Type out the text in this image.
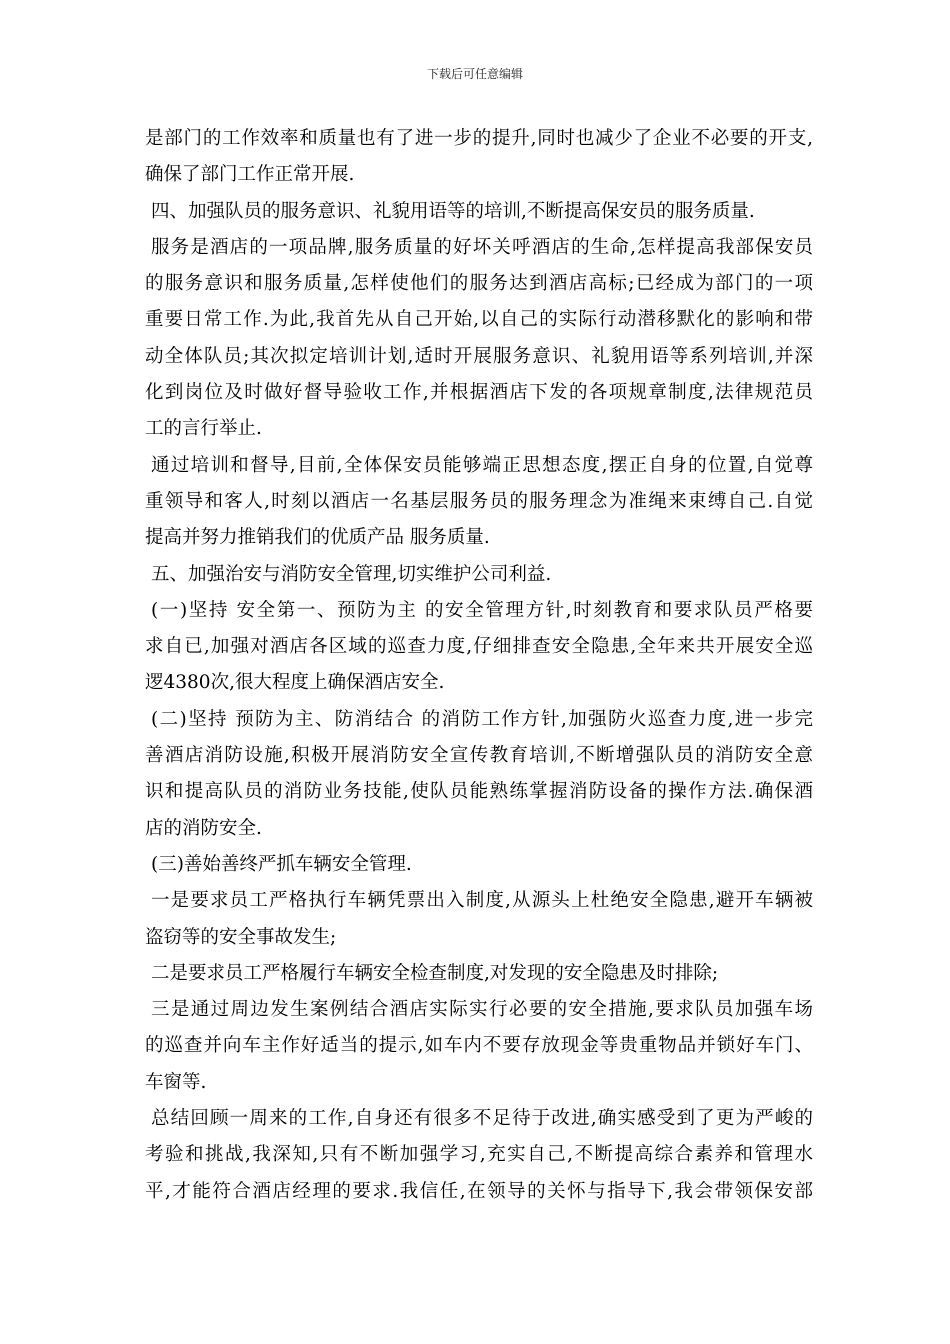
下载后可任意编辑
是部门的工作效率和质量也有了进一步的提升,同时也减少了企业不必要的开支,
确保了部门工作正常开展.
四、加强队员的服务意识、礼貌用语等的培训,不断提高保安员的服务质量.
服务是酒店的一项品牌,服务质量的好坏关呼酒店的生命,怎样提高我部保安员
的服务意识和服务质量,怎样使他们的服务达到酒店高标;已经成为部门的一项
重要日常工作.为此,我首先从自己开始,以自己的实际行动潜移默化的影响和带
动全体队员;其次拟定培训计划,适时开展服务意识、礼貌用语等系列培训,并深
化到岗位及时做好督导验收工作,并根据酒店下发的各项规章制度,法律规范员
工的言行举止.
通过培训和督导,目前,全体保安员能够端正思想态度,摆正自身的位置,自觉尊
重领导和客人,时刻以酒店一名基层服务员的服务理念为准绳来束缚自己.自觉
提高并努力推销我们的优质产品 服务质量.
五、加强治安与消防安全管理,切实维护公司利益.
(一)坚持 安全第一、预防为主 的安全管理方针,时刻教育和要求队员严格要
求自已,加强对酒店各区域的巡查力度,仔细排查安全隐患,全年来共开展安全巡
逻4380次,很大程度上确保酒店安全.
(二)坚持 预防为主、防消结合 的消防工作方针,加强防火巡查力度,进一步完
善酒店消防设施,积极开展消防安全宣传教育培训,不断增强队员的消防安全意
识和提高队员的消防业务技能,使队员能熟练掌握消防设备的操作方法.确保酒
店的消防安全.
(三)善始善终严抓车辆安全管理.
一是要求员工严格执行车辆凭票出入制度,从源头上杜绝安全隐患,避开车辆被
盗窃等的安全事故发生;
二是要求员工严格履行车辆安全检查制度,对发现的安全隐患及时排除;
三是通过周边发生案例结合酒店实际实行必要的安全措施,要求队员加强车场
的巡查并向车主作好适当的提示,如车内不要存放现金等贵重物品并锁好车门、
车窗等.
总结回顾一周来的工作,自身还有很多不足待于改进,确实感受到了更为严峻的
考验和挑战,我深知,只有不断加强学习,充实自己,不断提高综合素养和管理水
平,才能符合酒店经理的要求.我信任,在领导的关怀与指导下,我会带领保安部
